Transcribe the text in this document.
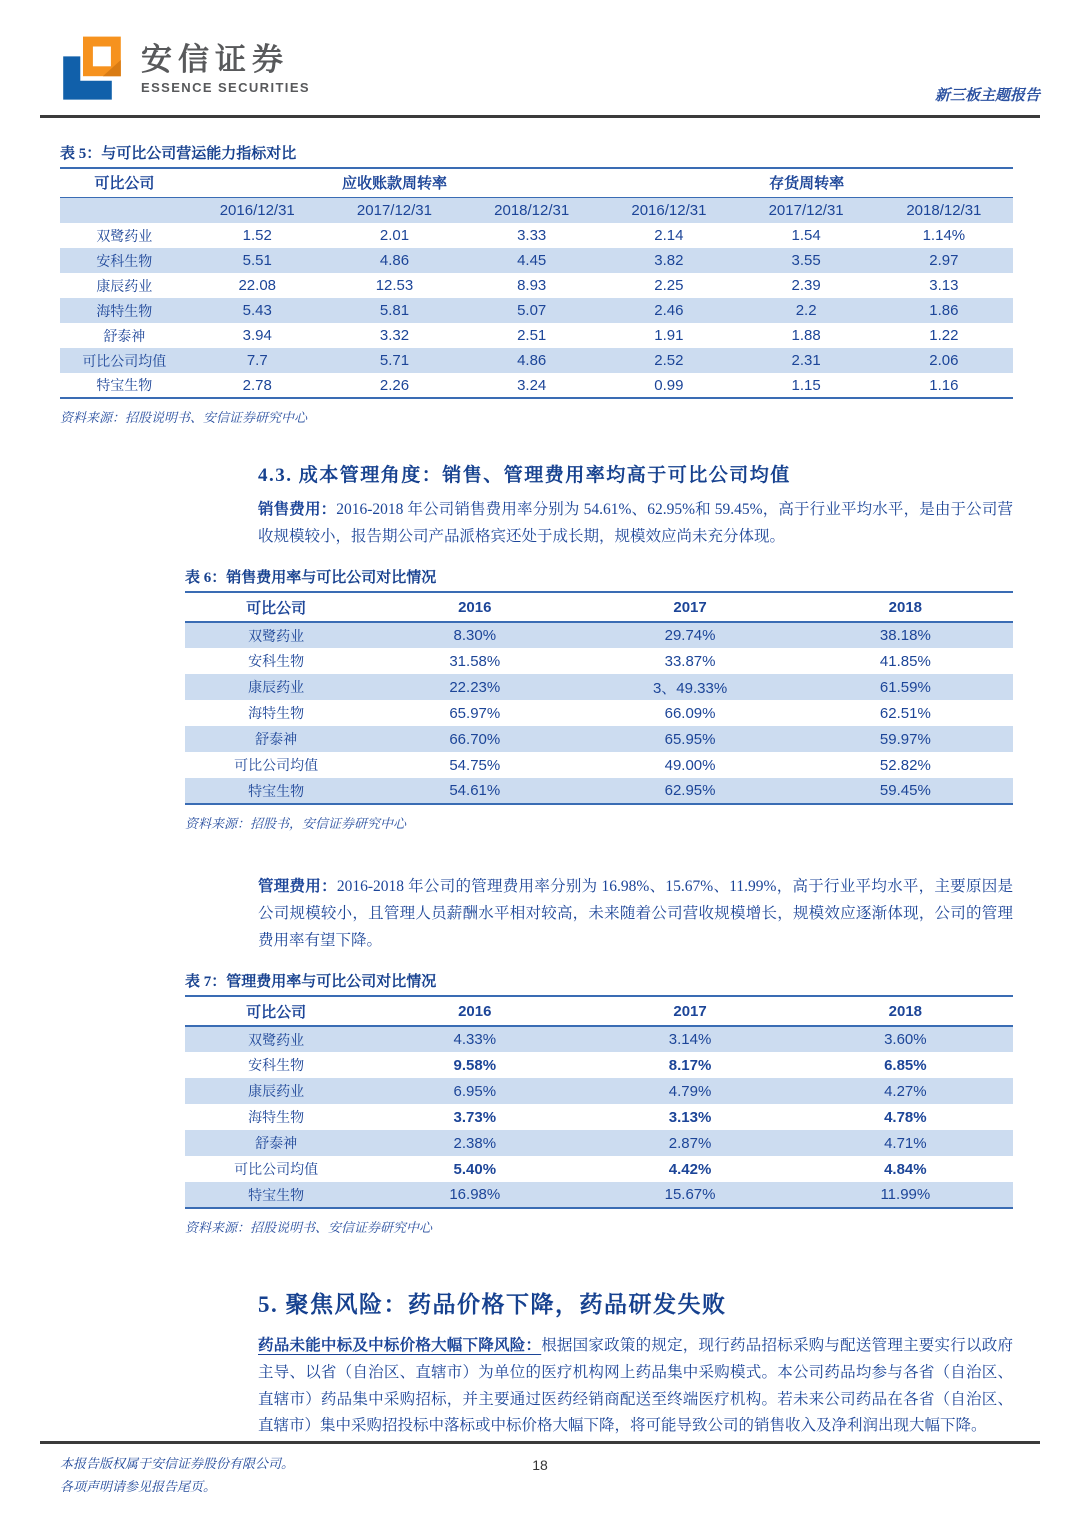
安信证券
ESSENCE SECURITIES
新三板主题报告
表 5：与可比公司营运能力指标对比
可比公司	应收账款周转率			存货周转率		
	2016/12/31	2017/12/31	2018/12/31	2016/12/31	2017/12/31	2018/12/31
双鹭药业	1.52	2.01	3.33	2.14	1.54	1.14%
安科生物	5.51	4.86	4.45	3.82	3.55	2.97
康辰药业	22.08	12.53	8.93	2.25	2.39	3.13
海特生物	5.43	5.81	5.07	2.46	2.2	1.86
舒泰神	3.94	3.32	2.51	1.91	1.88	1.22
可比公司均值	7.7	5.71	4.86	2.52	2.31	2.06
特宝生物	2.78	2.26	3.24	0.99	1.15	1.16
资料来源：招股说明书、安信证券研究中心
4.3. 成本管理角度：销售、管理费用率均高于可比公司均值
销售费用：2016-2018 年公司销售费用率分别为 54.61%、62.95%和 59.45%，高于行业平均水平，是由于公司营收规模较小，报告期公司产品派格宾还处于成长期，规模效应尚未充分体现。
表 6：销售费用率与可比公司对比情况
可比公司	2016	2017	2018
双鹭药业	8.30%	29.74%	38.18%
安科生物	31.58%	33.87%	41.85%
康辰药业	22.23%	3、49.33%	61.59%
海特生物	65.97%	66.09%	62.51%
舒泰神	66.70%	65.95%	59.97%
可比公司均值	54.75%	49.00%	52.82%
特宝生物	54.61%	62.95%	59.45%
资料来源：招股书，安信证券研究中心
管理费用：2016-2018 年公司的管理费用率分别为 16.98%、15.67%、11.99%，高于行业平均水平，主要原因是公司规模较小，且管理人员薪酬水平相对较高，未来随着公司营收规模增长，规模效应逐渐体现，公司的管理费用率有望下降。
表 7：管理费用率与可比公司对比情况
可比公司	2016	2017	2018
双鹭药业	4.33%	3.14%	3.60%
安科生物	9.58%	8.17%	6.85%
康辰药业	6.95%	4.79%	4.27%
海特生物	3.73%	3.13%	4.78%
舒泰神	2.38%	2.87%	4.71%
可比公司均值	5.40%	4.42%	4.84%
特宝生物	16.98%	15.67%	11.99%
资料来源：招股说明书、安信证券研究中心
5. 聚焦风险：药品价格下降，药品研发失败
药品未能中标及中标价格大幅下降风险：根据国家政策的规定，现行药品招标采购与配送管理主要实行以政府主导、以省（自治区、直辖市）为单位的医疗机构网上药品集中采购模式。本公司药品均参与各省（自治区、直辖市）药品集中采购招标，并主要通过医药经销商配送至终端医疗机构。若未来公司药品在各省（自治区、直辖市）集中采购招投标中落标或中标价格大幅下降，将可能导致公司的销售收入及净利润出现大幅下降。
本报告版权属于安信证券股份有限公司。
各项声明请参见报告尾页。
18
